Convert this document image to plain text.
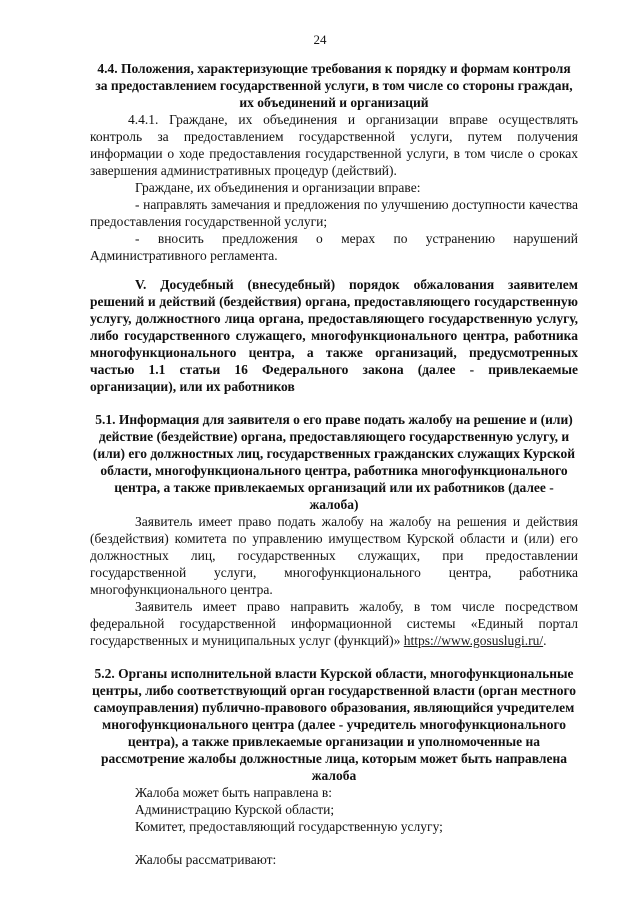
24

4.4. Положения, характеризующие требования к порядку и формам контроля за предоставлением государственной услуги, в том числе со стороны граждан, их объединений и организаций

4.4.1. Граждане, их объединения и организации вправе осуществлять контроль за предоставлением государственной услуги, путем получения информации о ходе предоставления государственной услуги, в том числе о сроках завершения административных процедур (действий).

Граждане, их объединения и организации вправе:

- направлять замечания и предложения по улучшению доступности качества предоставления государственной услуги;

- вносить предложения о мерах по устранению нарушений Административного регламента.

V. Досудебный (внесудебный) порядок обжалования заявителем решений и действий (бездействия) органа, предоставляющего государственную услугу, должностного лица органа, предоставляющего государственную услугу, либо государственного служащего, многофункционального центра, работника многофункционального центра, а также организаций, предусмотренных частью 1.1 статьи 16 Федерального закона (далее - привлекаемые организации), или их работников

5.1. Информация для заявителя о его праве подать жалобу на решение и (или) действие (бездействие) органа, предоставляющего государственную услугу, и (или) его должностных лиц, государственных гражданских служащих Курской области, многофункционального центра, работника многофункционального центра, а также привлекаемых организаций или их работников (далее - жалоба)

Заявитель имеет право подать жалобу на жалобу на решения и действия (бездействия) комитета по управлению имуществом Курской области и (или) его должностных лиц, государственных служащих, при предоставлении государственной услуги, многофункционального центра, работника многофункционального центра.

Заявитель имеет право направить жалобу, в том числе посредством федеральной государственной информационной системы «Единый портал государственных и муниципальных услуг (функций)» https://www.gosuslugi.ru/.

5.2. Органы исполнительной власти Курской области, многофункциональные центры, либо соответствующий орган государственной власти (орган местного самоуправления) публично-правового образования, являющийся учредителем многофункционального центра (далее - учредитель многофункционального центра), а также привлекаемые организации и уполномоченные на рассмотрение жалобы должностные лица, которым может быть направлена жалоба

Жалоба может быть направлена в:

Администрацию Курской области;

Комитет, предоставляющий государственную услугу;

Жалобы рассматривают:
